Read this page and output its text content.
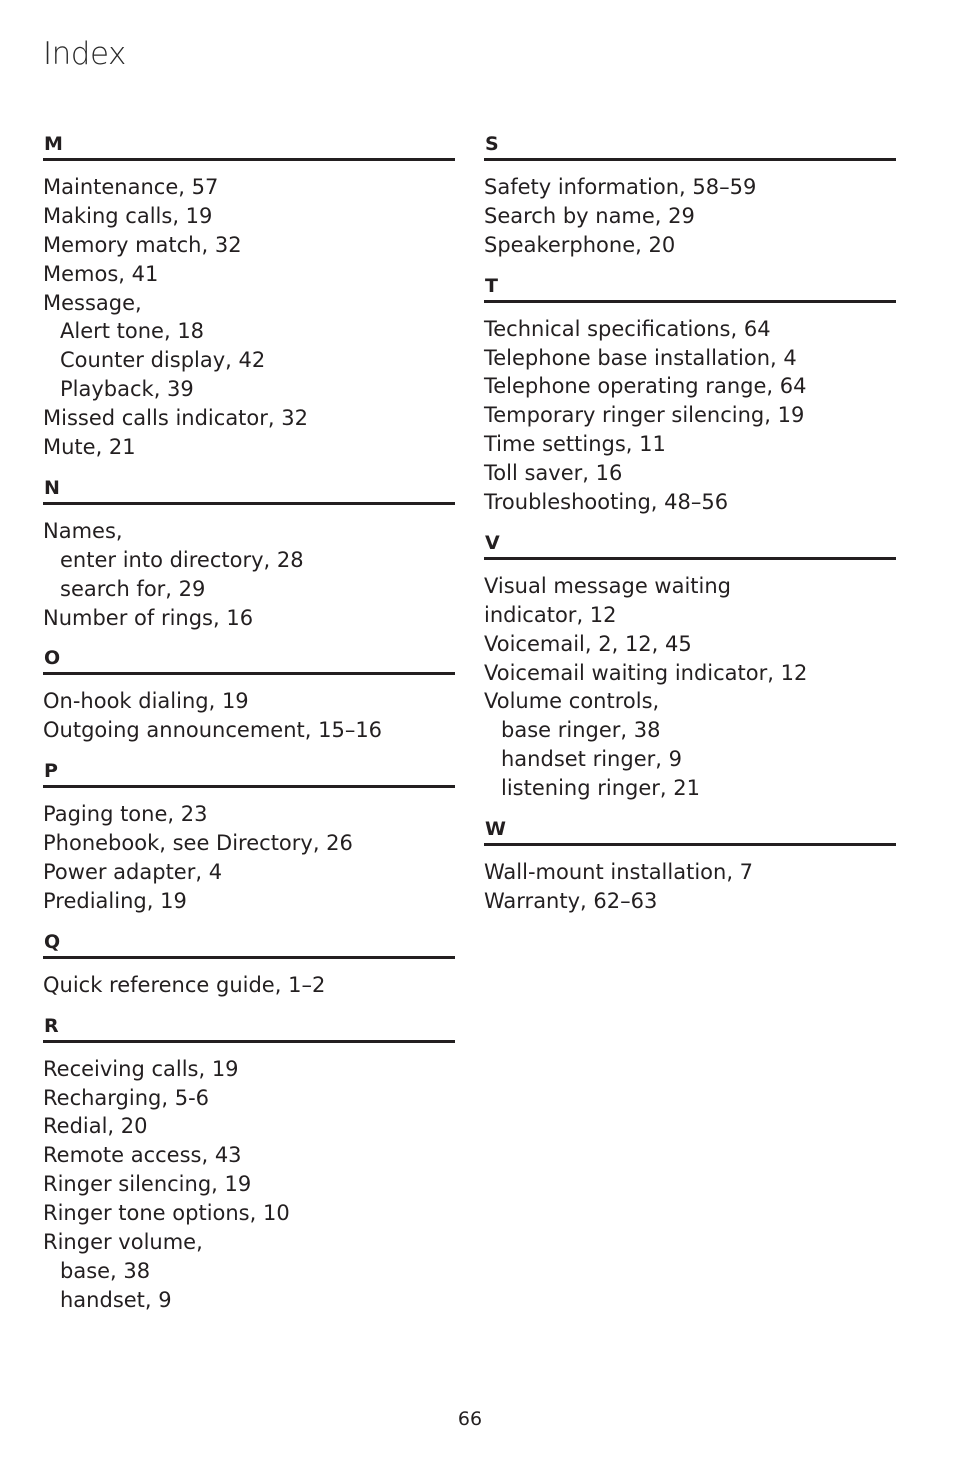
Index
M
Maintenance, 57
Making calls, 19
Memory match, 32
Memos, 41
Message,
Alert tone, 18
Counter display, 42
Playback, 39
Missed calls indicator, 32
Mute, 21
N
Names,
enter into directory, 28
search for, 29
Number of rings, 16
O
On-hook dialing, 19
Outgoing announcement, 15–16
P
Paging tone, 23
Phonebook, see Directory, 26
Power adapter, 4
Predialing, 19
Q
Quick reference guide, 1–2
R
Receiving calls, 19
Recharging, 5-6
Redial, 20
Remote access, 43
Ringer silencing, 19
Ringer tone options, 10
Ringer volume,
base, 38
handset, 9
S
Safety information, 58–59
Search by name, 29
Speakerphone, 20
T
Technical specifications, 64
Telephone base installation, 4
Telephone operating range, 64
Temporary ringer silencing, 19
Time settings, 11
Toll saver, 16
Troubleshooting, 48–56
V
Visual message waiting
indicator, 12
Voicemail, 2, 12, 45
Voicemail waiting indicator, 12
Volume controls,
base ringer, 38
handset ringer, 9
listening ringer, 21
W
Wall-mount installation, 7
Warranty, 62–63
66
